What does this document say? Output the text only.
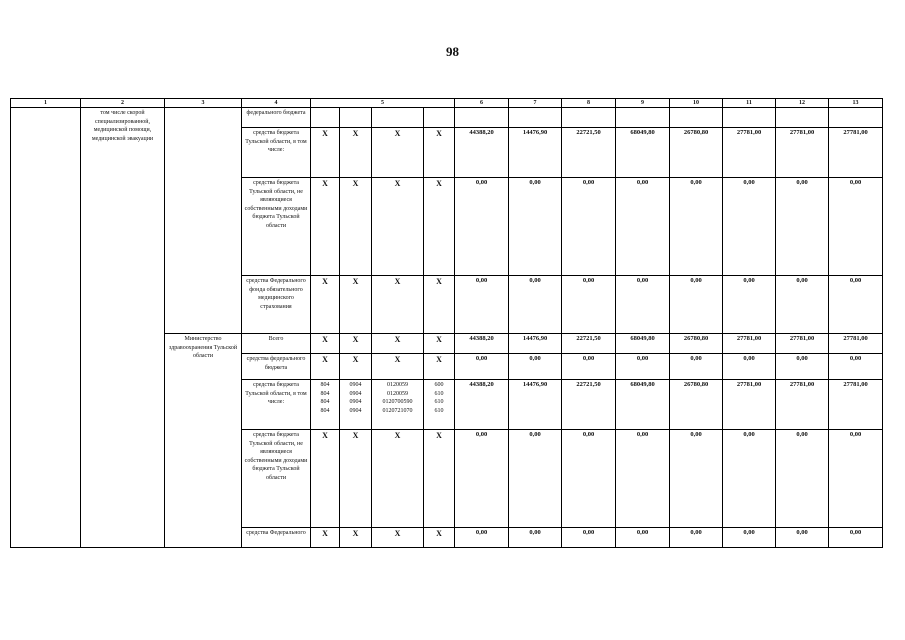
98
1	2	3	4	5				6	7	8	9	10	11	12	13
	том числе скорой специализированной, медицинской помощи, медицинской эвакуации		федерального бюджета												
			средства бюджета Тульской области, в том числе:	X	X	X	X	44388,20	14476,90	22721,50	68049,80	26780,80	27781,00	27781,00	27781,00
			средства бюджета Тульской области, не являющиеся собственными доходами бюджета Тульской области	X	X	X	X	0,00	0,00	0,00	0,00	0,00	0,00	0,00	0,00
			средства Федерального фонда обязательного медицинского страхования	X	X	X	X	0,00	0,00	0,00	0,00	0,00	0,00	0,00	0,00
		Министерство здравоохранения Тульской области	Всего	X	X	X	X	44388,20	14476,90	22721,50	68049,80	26780,80	27781,00	27781,00	27781,00
			средства федерального бюджета	X	X	X	X	0,00	0,00	0,00	0,00	0,00	0,00	0,00	0,00
			средства бюджета Тульской области, в том числе:	804
804
804
804	0904
0904
0904
0904	0120059
0120059
0120700590
0120721070	600
610
610
610	44388,20	14476,90	22721,50	68049,80	26780,80	27781,00	27781,00	27781,00
			средства бюджета Тульской области, не являющиеся собственными доходами бюджета Тульской области	X	X	X	X	0,00	0,00	0,00	0,00	0,00	0,00	0,00	0,00
			средства Федерального	X	X	X	X	0,00	0,00	0,00	0,00	0,00	0,00	0,00	0,00
